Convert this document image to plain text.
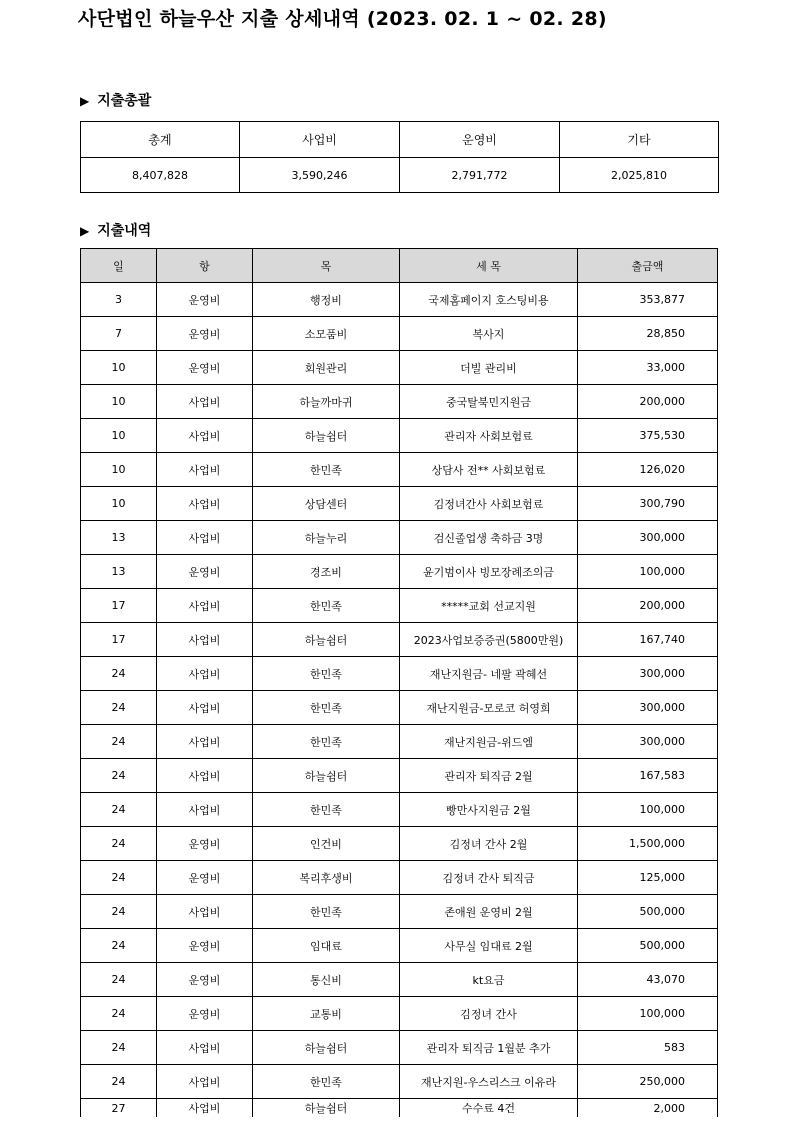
사단법인 하늘우산 지출 상세내역 (2023. 02. 1 ~ 02. 28)
▶ 지출총괄
총계	사업비	운영비	기타
8,407,828	3,590,246	2,791,772	2,025,810
▶ 지출내역
일	항	목	세 목	출금액
3	운영비	행정비	국제홈페이지 호스팅비용	353,877
7	운영비	소모품비	복사지	28,850
10	운영비	회원관리	더빌 관리비	33,000
10	사업비	하늘까마귀	중국탈북민지원금	200,000
10	사업비	하늘쉼터	관리자 사회보험료	375,530
10	사업비	한민족	상담사 전** 사회보험료	126,020
10	사업비	상담센터	김정녀간사 사회보험료	300,790
13	사업비	하늘누리	검신졸업생 축하금 3명	300,000
13	운영비	경조비	윤기범이사 빙모장례조의금	100,000
17	사업비	한민족	*****교회 선교지원	200,000
17	사업비	하늘쉼터	2023사업보증증권(5800만원)	167,740
24	사업비	한민족	재난지원금- 네팔 곽혜선	300,000
24	사업비	한민족	재난지원금-모로코 허영희	300,000
24	사업비	한민족	재난지원금-위드엠	300,000
24	사업비	하늘쉼터	관리자 퇴직금 2월	167,583
24	사업비	한민족	빵만사지원금 2월	100,000
24	운영비	인건비	김정녀 간사 2월	1,500,000
24	운영비	복리후생비	김정녀 간사 퇴직금	125,000
24	사업비	한민족	존애원 운영비 2월	500,000
24	운영비	임대료	사무실 임대료 2월	500,000
24	운영비	통신비	kt요금	43,070
24	운영비	교통비	김정녀 간사	100,000
24	사업비	하늘쉼터	관리자 퇴직금 1월분 추가	583
24	사업비	한민족	재난지원-우스리스크 이유라	250,000
27	사업비	하늘쉼터	수수료 4건	2,000
